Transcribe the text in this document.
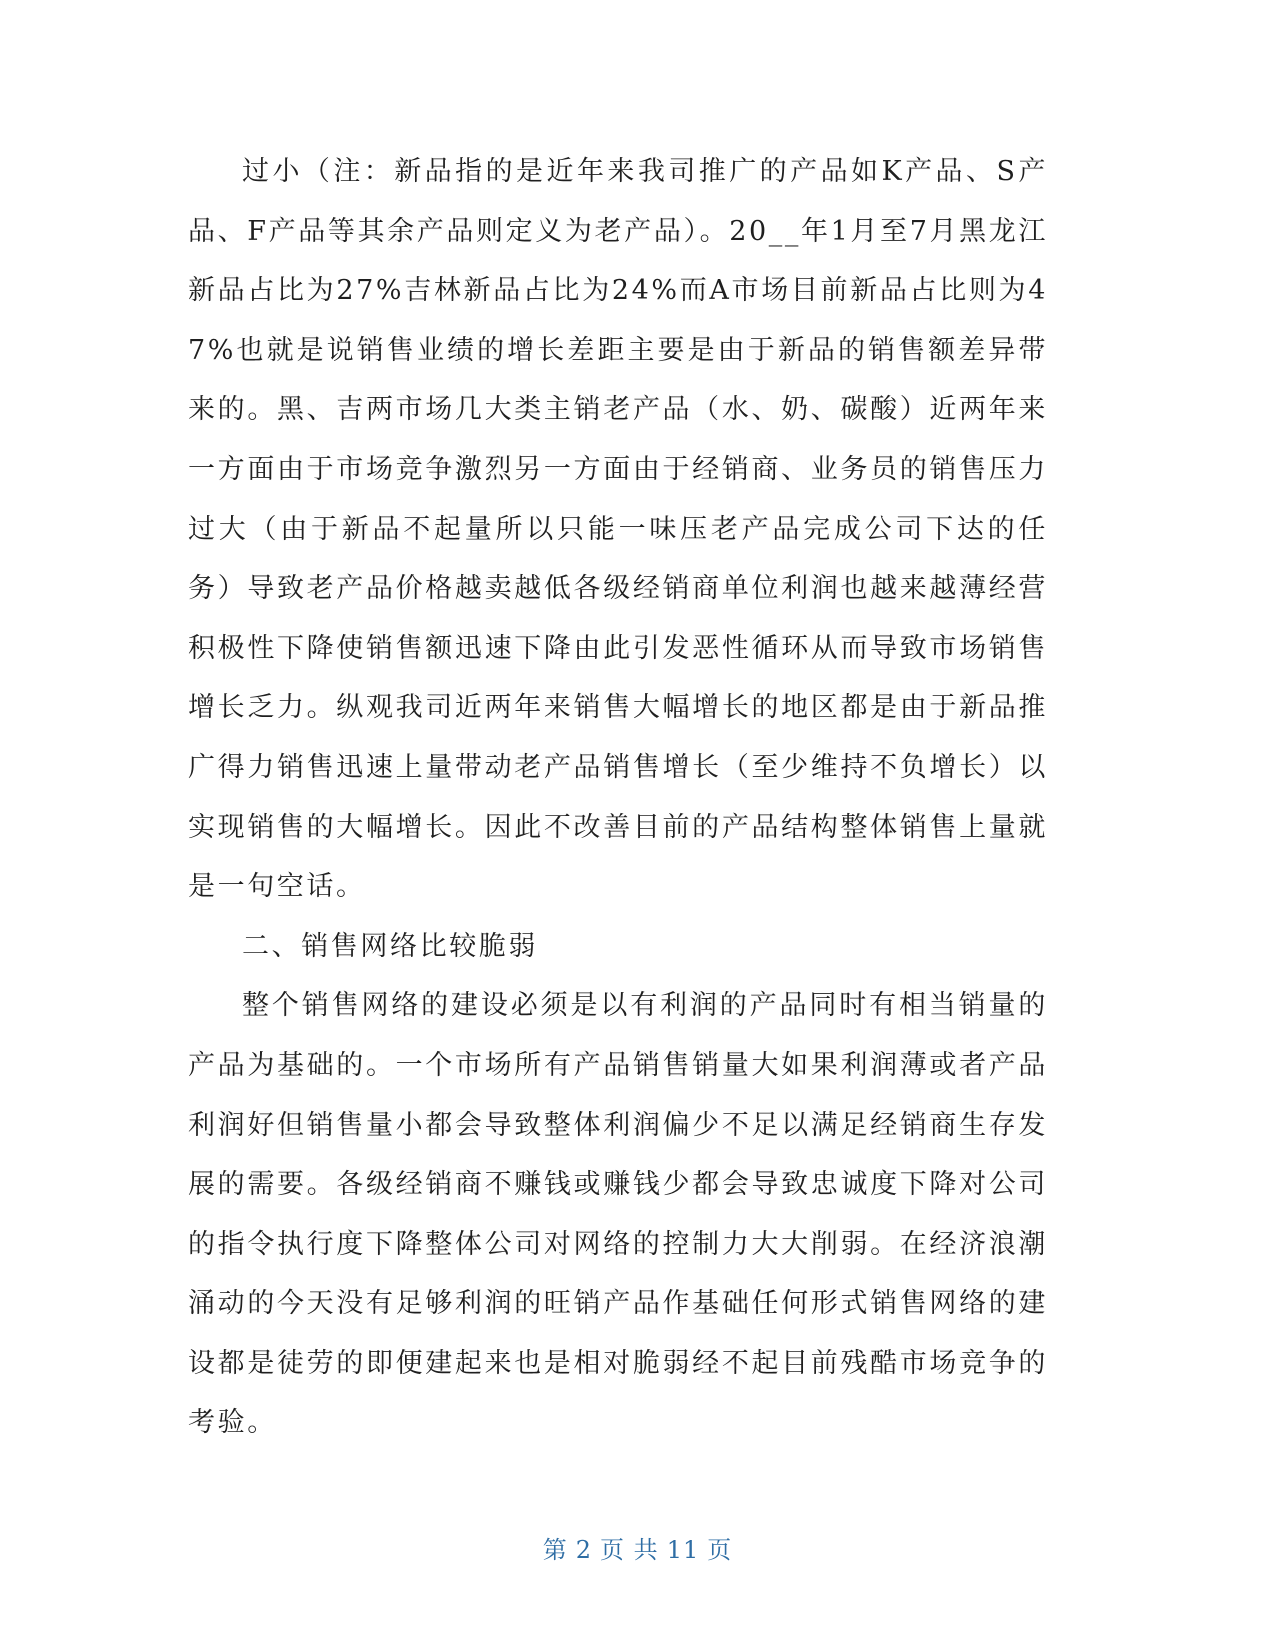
过小（注：新品指的是近年来我司推广的产品如K产品、S产品、F产品等其余产品则定义为老产品）。20__年1月至7月黑龙江新品占比为27%吉林新品占比为24%而A市场目前新品占比则为47%也就是说销售业绩的增长差距主要是由于新品的销售额差异带来的。黑、吉两市场几大类主销老产品（水、奶、碳酸）近两年来一方面由于市场竞争激烈另一方面由于经销商、业务员的销售压力过大（由于新品不起量所以只能一味压老产品完成公司下达的任务）导致老产品价格越卖越低各级经销商单位利润也越来越薄经营积极性下降使销售额迅速下降由此引发恶性循环从而导致市场销售增长乏力。纵观我司近两年来销售大幅增长的地区都是由于新品推广得力销售迅速上量带动老产品销售增长（至少维持不负增长）以实现销售的大幅增长。因此不改善目前的产品结构整体销售上量就是一句空话。

二、销售网络比较脆弱

整个销售网络的建设必须是以有利润的产品同时有相当销量的产品为基础的。一个市场所有产品销售销量大如果利润薄或者产品利润好但销售量小都会导致整体利润偏少不足以满足经销商生存发展的需要。各级经销商不赚钱或赚钱少都会导致忠诚度下降对公司的指令执行度下降整体公司对网络的控制力大大削弱。在经济浪潮涌动的今天没有足够利润的旺销产品作基础任何形式销售网络的建设都是徒劳的即便建起来也是相对脆弱经不起目前残酷市场竞争的考验。

第 2 页 共 11 页
